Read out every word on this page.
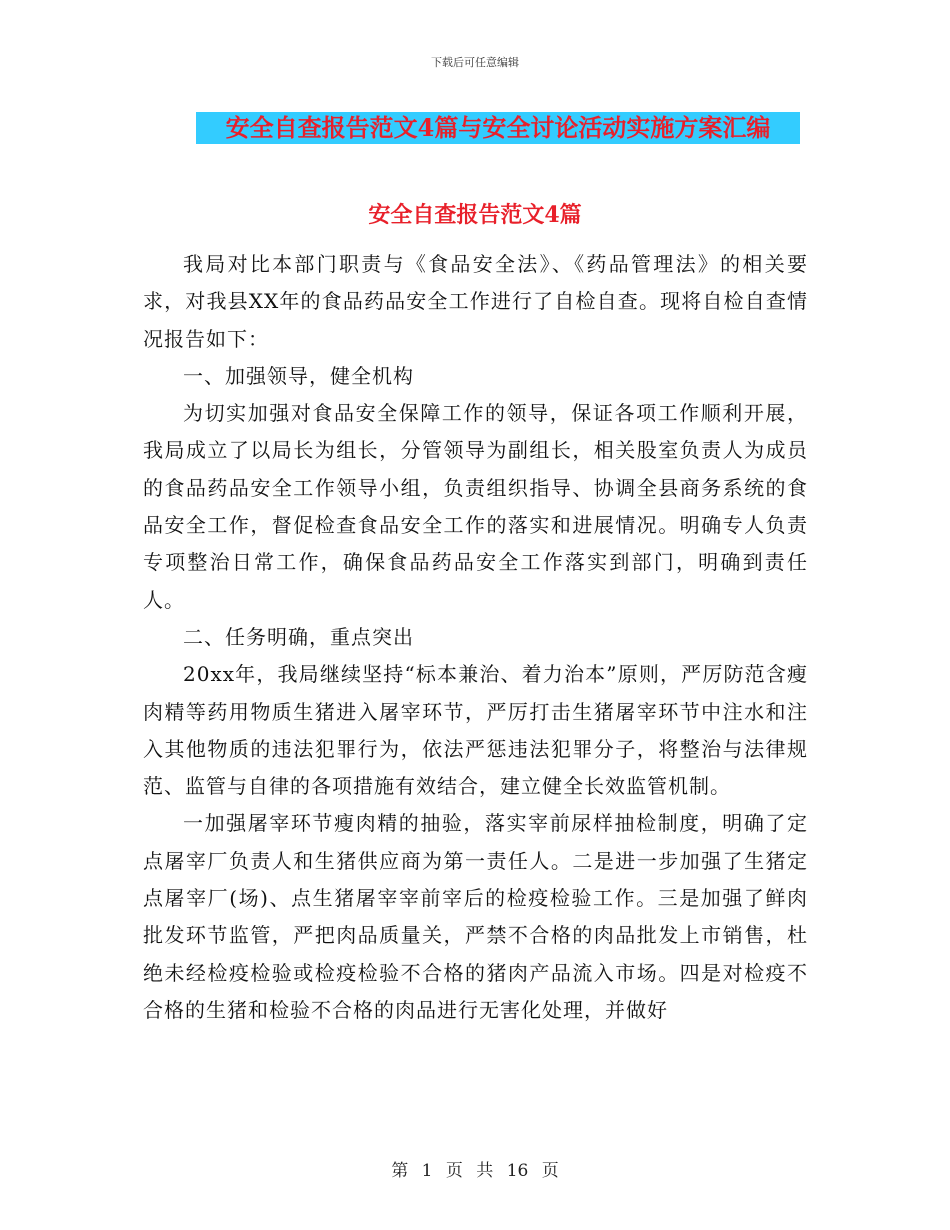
下载后可任意编辑
安全自查报告范文4篇与安全讨论活动实施方案汇编
安全自查报告范文4篇

我局对比本部门职责与《食品安全法》、《药品管理法》的相关要求，对我县XX年的食品药品安全工作进行了自检自查。现将自检自查情况报告如下：

一、加强领导，健全机构

为切实加强对食品安全保障工作的领导，保证各项工作顺利开展，我局成立了以局长为组长，分管领导为副组长，相关股室负责人为成员的食品药品安全工作领导小组，负责组织指导、协调全县商务系统的食品安全工作，督促检查食品安全工作的落实和进展情况。明确专人负责专项整治日常工作，确保食品药品安全工作落实到部门，明确到责任人。

二、任务明确，重点突出

20xx年，我局继续坚持“标本兼治、着力治本”原则，严厉防范含瘦肉精等药用物质生猪进入屠宰环节，严厉打击生猪屠宰环节中注水和注入其他物质的违法犯罪行为，依法严惩违法犯罪分子，将整治与法律规范、监管与自律的各项措施有效结合，建立健全长效监管机制。

一加强屠宰环节瘦肉精的抽验，落实宰前尿样抽检制度，明确了定点屠宰厂负责人和生猪供应商为第一责任人。二是进一步加强了生猪定点屠宰厂(场)、点生猪屠宰宰前宰后的检疫检验工作。三是加强了鲜肉批发环节监管，严把肉品质量关，严禁不合格的肉品批发上市销售，杜绝未经检疫检验或检疫检验不合格的猪肉产品流入市场。四是对检疫不合格的生猪和检验不合格的肉品进行无害化处理，并做好

第 1 页 共 16 页
